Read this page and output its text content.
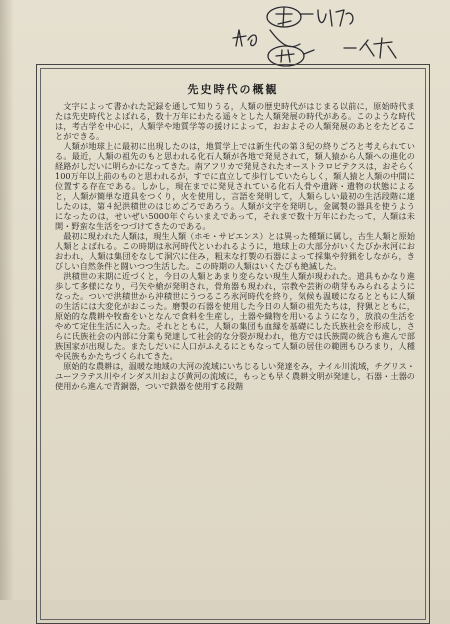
先史時代の概観

文字によって書かれた記録を通して知りうる，人類の歴史時代がはじまる以前に，原始時代または先史時代とよばれる，数十万年にわたる遥々とした人類発展の時代がある。このような時代は，考古学を中心に，人類学や地質学等の援けによって，おおよその人類発展のあとをたどることができる。

人類が地球上に最初に出現したのは，地質学上では新生代の第３紀の終りごろと考えられている。最近，人類の祖先のもと思われる化石人類が各地で発見されて，類人猿から人類への進化の経路がしだいに明らかになってきた。南アフリカで発見されたオーストラロピテクスは，おそらく100万年以上前のものと思われるが，すでに直立して歩行していたらしく，類人猿と人類の中間に位置する存在である。しかし，現在までに発見されている化石人骨や遺跡・遺物の状態によると，人類が簡単な道具をつくり，火を使用し，言語を発明して，人類らしい最初の生活段階に達したのは，第４紀洪積世のはじめごろであろう。人類が文字を発明し，金属製の器具を使うようになったのは，せいぜい5000年ぐらいまえであって，それまで数十万年にわたって，人類は未開・野蛮な生活をつづけてきたのである。

最初に現われた人類は，現生人類（ホモ・サピエンス）とは異った種類に属し，古生人類と原始人類とよばれる。この時期は氷河時代といわれるように，地球上の大部分がいくたびか氷河におおわれ，人類は集団をなして洞穴に住み，粗末な打製の石器によって採集や狩猟をしながら，きびしい自然条件と闘いつつ生活した。この時期の人類はいくたびも絶滅した。

洪積世の末期に近づくと，今日の人類とあまり変らない現生人類が現われた。道具もかなり進歩して多様になり，弓矢や槍が発明され，骨角器も現われ，宗教や芸術の萌芽もみられるようになった。ついで洪積世から沖積世にうつるころ氷河時代を終り，気候も温暖になるとともに人類の生活には大変化がおこった。磨製の石器を使用した今日の人類の祖先たちは，狩猟とともに，原始的な農耕や牧畜をいとなんで食料を生産し，土器や織物を用いるようになり，放浪の生活をやめて定住生活に入った。それとともに，人類の集団も血縁を基礎にした氏族社会を形成し，さらに氏族社会の内部に分業も発達して社会的な分裂が現われ，他方では氏族間の統合も進んで部族国家が出現した。またしだいに人口がふえるにともなって人類の居住の範囲もひろまり，人種や民族もかたちづくられてきた。

原始的な農耕は，温暖な地域の大河の流域にいちじるしい発達をみ，ナイル川流域，チグリス・ユーフラテス川やインダス川および黄河の流域に，もっとも早く農耕文明が発達し，石器・土器の使用から進んで青銅器，ついで鉄器を使用する段階
